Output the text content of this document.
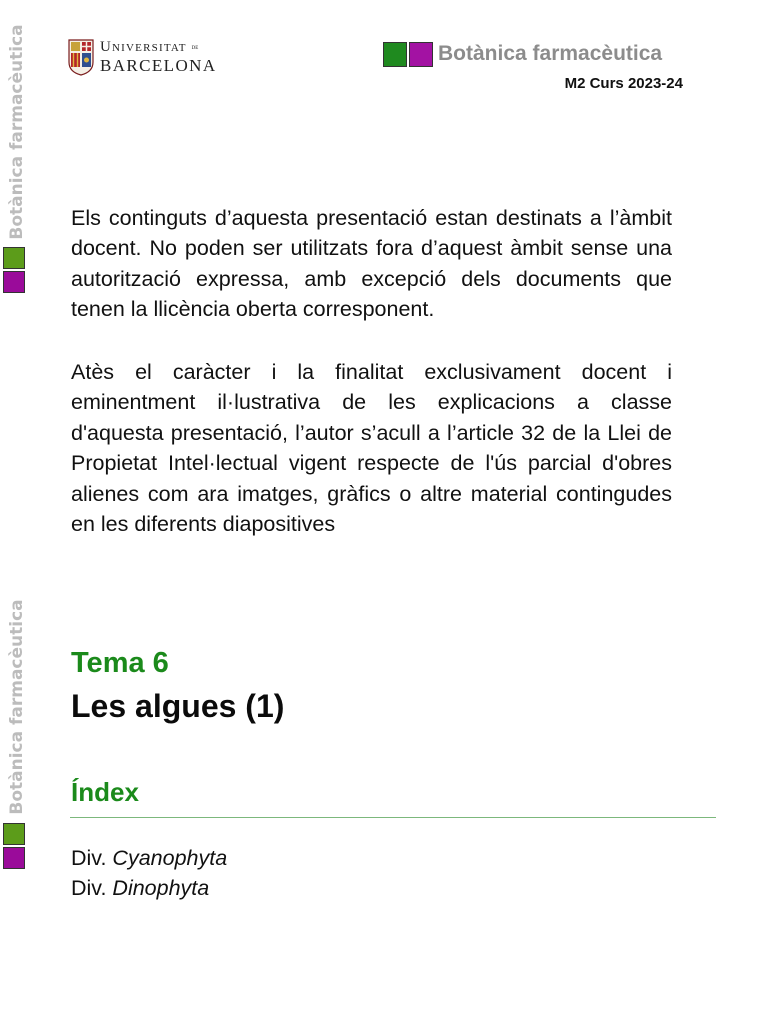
Botànica farmacèutica
Botànica farmacèutica
Universitat de
BARCELONA
Botànica farmacèutica
M2 Curs 2023-24

Els continguts d’aquesta presentació estan destinats a l’àmbit docent. No poden ser utilitzats fora d’aquest àmbit sense una autorització expressa, amb excepció dels documents que tenen la llicència oberta corresponent.

Atès el caràcter i la finalitat exclusivament docent i eminentment il·lustrativa de les explicacions a classe d'aquesta presentació, l’autor s’acull a l’article 32 de la Llei de Propietat Intel·lectual vigent respecte de l'ús parcial d'obres alienes com ara imatges, gràfics o altre material contingudes en les diferents diapositives

Tema 6
Les algues (1)
Índex
Div. Cyanophyta
Div. Dinophyta
